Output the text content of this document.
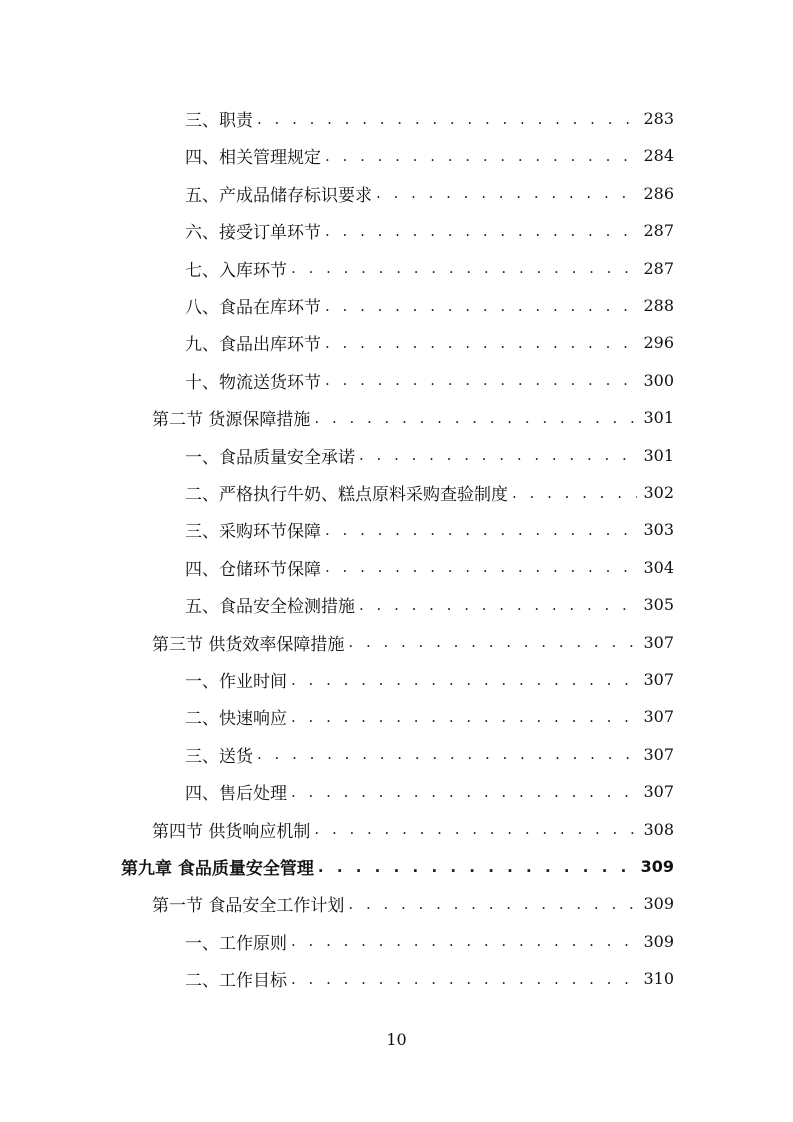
三、职责 . . .	283
四、相关管理规定 . . .	284
五、产成品储存标识要求 . . .	286
六、接受订单环节 . . .	287
七、入库环节 . . .	287
八、食品在库环节 . . .	288
九、食品出库环节 . . .	296
十、物流送货环节 . . .	300
第二节 货源保障措施 . . .	301
一、食品质量安全承诺 . . .	301
二、严格执行牛奶、糕点原料采购查验制度 . . .	302
三、采购环节保障 . . .	303
四、仓储环节保障 . . .	304
五、食品安全检测措施 . . .	305
第三节 供货效率保障措施 . . .	307
一、作业时间 . . .	307
二、快速响应 . . .	307
三、送货 . . .	307
四、售后处理 . . .	307
第四节 供货响应机制 . . .	308
第九章 食品质量安全管理 . . .	309
第一节 食品安全工作计划 . . .	309
一、工作原则 . . .	309
二、工作目标 . . .	310
10
